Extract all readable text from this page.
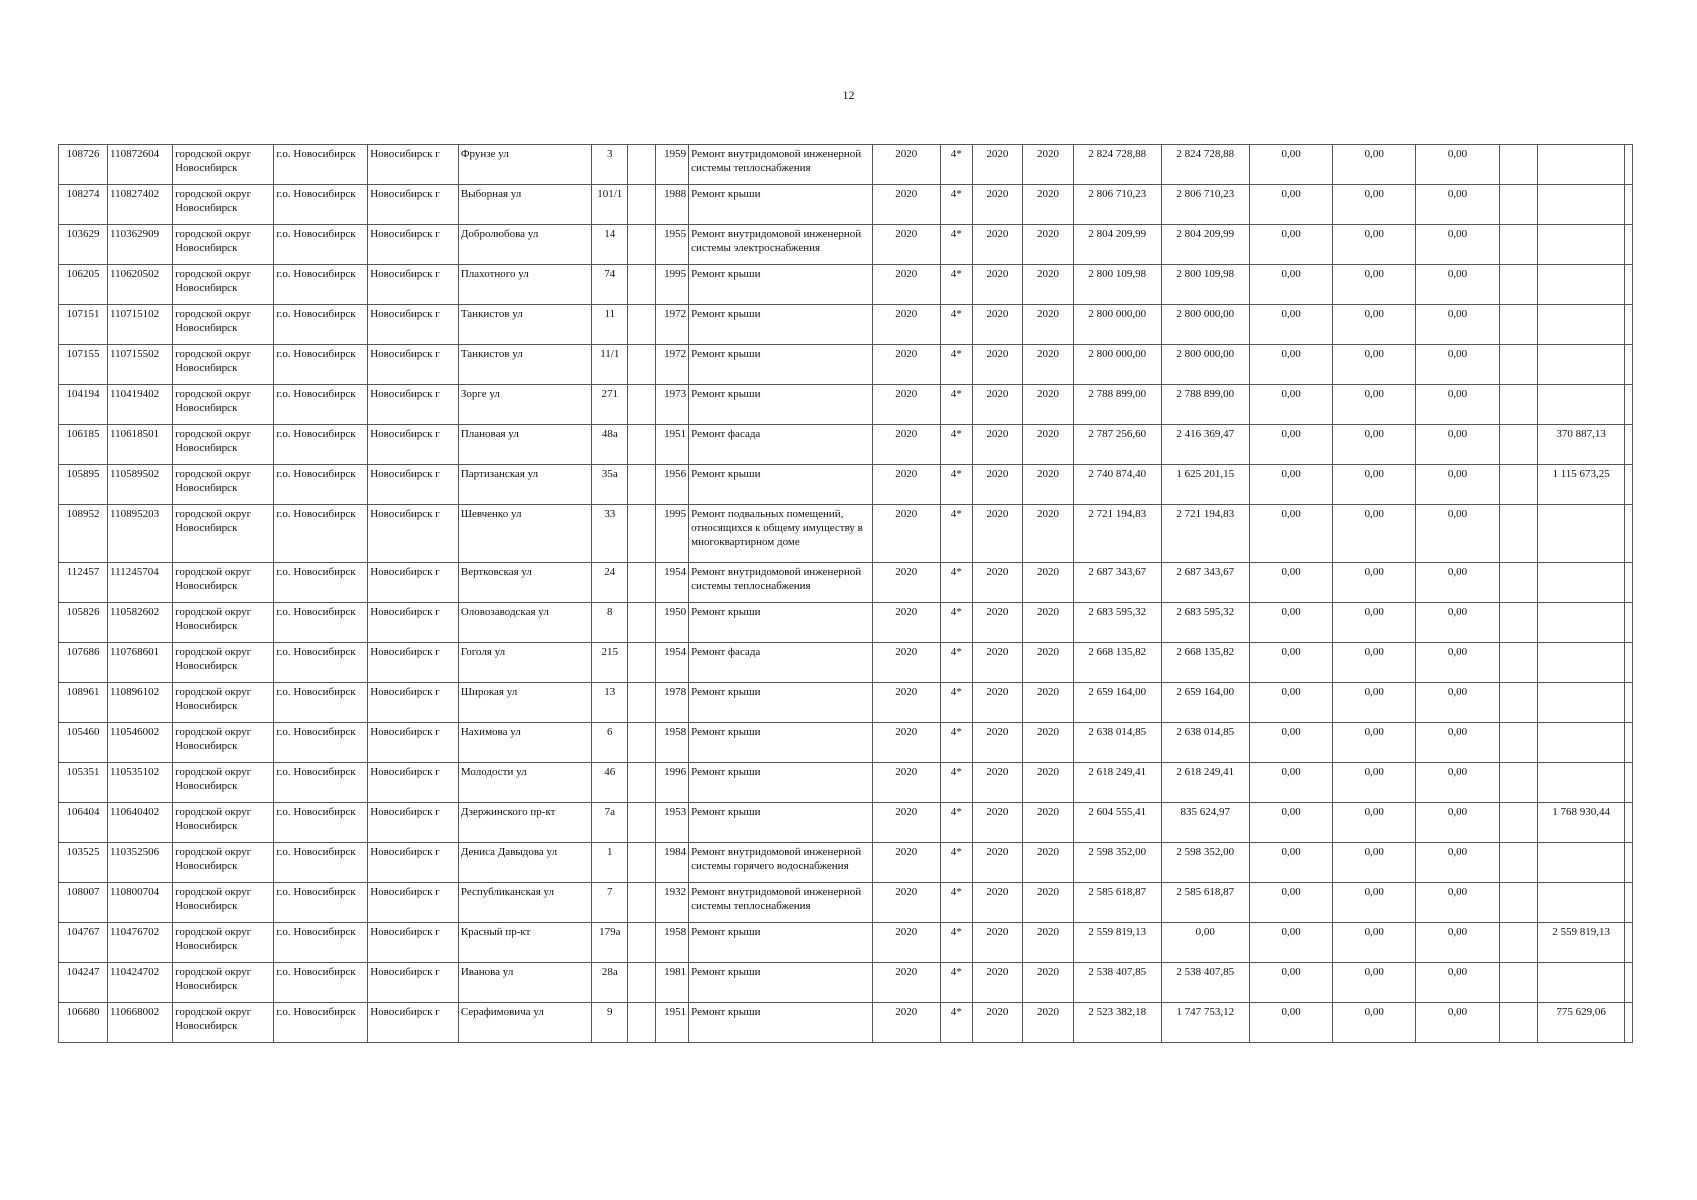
12
108726	110872604	городской округ Новосибирск	г.о. Новосибирск	Новосибирск г	Фрунзе ул	3		1959	Ремонт внутридомовой инженерной системы теплоснабжения	2020	4*	2020	2020	2 824 728,88	2 824 728,88	0,00	0,00	0,00			
108274	110827402	городской округ Новосибирск	г.о. Новосибирск	Новосибирск г	Выборная ул	101/1		1988	Ремонт крыши	2020	4*	2020	2020	2 806 710,23	2 806 710,23	0,00	0,00	0,00			
103629	110362909	городской округ Новосибирск	г.о. Новосибирск	Новосибирск г	Добролюбова ул	14		1955	Ремонт внутридомовой инженерной системы электроснабжения	2020	4*	2020	2020	2 804 209,99	2 804 209,99	0,00	0,00	0,00			
106205	110620502	городской округ Новосибирск	г.о. Новосибирск	Новосибирск г	Плахотного ул	74		1995	Ремонт крыши	2020	4*	2020	2020	2 800 109,98	2 800 109,98	0,00	0,00	0,00			
107151	110715102	городской округ Новосибирск	г.о. Новосибирск	Новосибирск г	Танкистов ул	11		1972	Ремонт крыши	2020	4*	2020	2020	2 800 000,00	2 800 000,00	0,00	0,00	0,00			
107155	110715502	городской округ Новосибирск	г.о. Новосибирск	Новосибирск г	Танкистов ул	11/1		1972	Ремонт крыши	2020	4*	2020	2020	2 800 000,00	2 800 000,00	0,00	0,00	0,00			
104194	110419402	городской округ Новосибирск	г.о. Новосибирск	Новосибирск г	Зорге ул	271		1973	Ремонт крыши	2020	4*	2020	2020	2 788 899,00	2 788 899,00	0,00	0,00	0,00			
106185	110618501	городской округ Новосибирск	г.о. Новосибирск	Новосибирск г	Плановая ул	48а		1951	Ремонт фасада	2020	4*	2020	2020	2 787 256,60	2 416 369,47	0,00	0,00	0,00		370 887,13	
105895	110589502	городской округ Новосибирск	г.о. Новосибирск	Новосибирск г	Партизанская ул	35а		1956	Ремонт крыши	2020	4*	2020	2020	2 740 874,40	1 625 201,15	0,00	0,00	0,00		1 115 673,25	
108952	110895203	городской округ Новосибирск	г.о. Новосибирск	Новосибирск г	Шевченко ул	33		1995	Ремонт подвальных помещений, относящихся к общему имуществу в многоквартирном доме	2020	4*	2020	2020	2 721 194,83	2 721 194,83	0,00	0,00	0,00			
112457	111245704	городской округ Новосибирск	г.о. Новосибирск	Новосибирск г	Вертковская ул	24		1954	Ремонт внутридомовой инженерной системы теплоснабжения	2020	4*	2020	2020	2 687 343,67	2 687 343,67	0,00	0,00	0,00			
105826	110582602	городской округ Новосибирск	г.о. Новосибирск	Новосибирск г	Оловозаводская ул	8		1950	Ремонт крыши	2020	4*	2020	2020	2 683 595,32	2 683 595,32	0,00	0,00	0,00			
107686	110768601	городской округ Новосибирск	г.о. Новосибирск	Новосибирск г	Гоголя ул	215		1954	Ремонт фасада	2020	4*	2020	2020	2 668 135,82	2 668 135,82	0,00	0,00	0,00			
108961	110896102	городской округ Новосибирск	г.о. Новосибирск	Новосибирск г	Широкая ул	13		1978	Ремонт крыши	2020	4*	2020	2020	2 659 164,00	2 659 164,00	0,00	0,00	0,00			
105460	110546002	городской округ Новосибирск	г.о. Новосибирск	Новосибирск г	Нахимова ул	6		1958	Ремонт крыши	2020	4*	2020	2020	2 638 014,85	2 638 014,85	0,00	0,00	0,00			
105351	110535102	городской округ Новосибирск	г.о. Новосибирск	Новосибирск г	Молодости ул	46		1996	Ремонт крыши	2020	4*	2020	2020	2 618 249,41	2 618 249,41	0,00	0,00	0,00			
106404	110640402	городской округ Новосибирск	г.о. Новосибирск	Новосибирск г	Дзержинского пр-кт	7а		1953	Ремонт крыши	2020	4*	2020	2020	2 604 555,41	835 624,97	0,00	0,00	0,00		1 768 930,44	
103525	110352506	городской округ Новосибирск	г.о. Новосибирск	Новосибирск г	Дениса Давыдова ул	1		1984	Ремонт внутридомовой инженерной системы горячего водоснабжения	2020	4*	2020	2020	2 598 352,00	2 598 352,00	0,00	0,00	0,00			
108007	110800704	городской округ Новосибирск	г.о. Новосибирск	Новосибирск г	Республиканская ул	7		1932	Ремонт внутридомовой инженерной системы теплоснабжения	2020	4*	2020	2020	2 585 618,87	2 585 618,87	0,00	0,00	0,00			
104767	110476702	городской округ Новосибирск	г.о. Новосибирск	Новосибирск г	Красный пр-кт	179а		1958	Ремонт крыши	2020	4*	2020	2020	2 559 819,13	0,00	0,00	0,00	0,00		2 559 819,13	
104247	110424702	городской округ Новосибирск	г.о. Новосибирск	Новосибирск г	Иванова ул	28а		1981	Ремонт крыши	2020	4*	2020	2020	2 538 407,85	2 538 407,85	0,00	0,00	0,00			
106680	110668002	городской округ Новосибирск	г.о. Новосибирск	Новосибирск г	Серафимовича ул	9		1951	Ремонт крыши	2020	4*	2020	2020	2 523 382,18	1 747 753,12	0,00	0,00	0,00		775 629,06	
